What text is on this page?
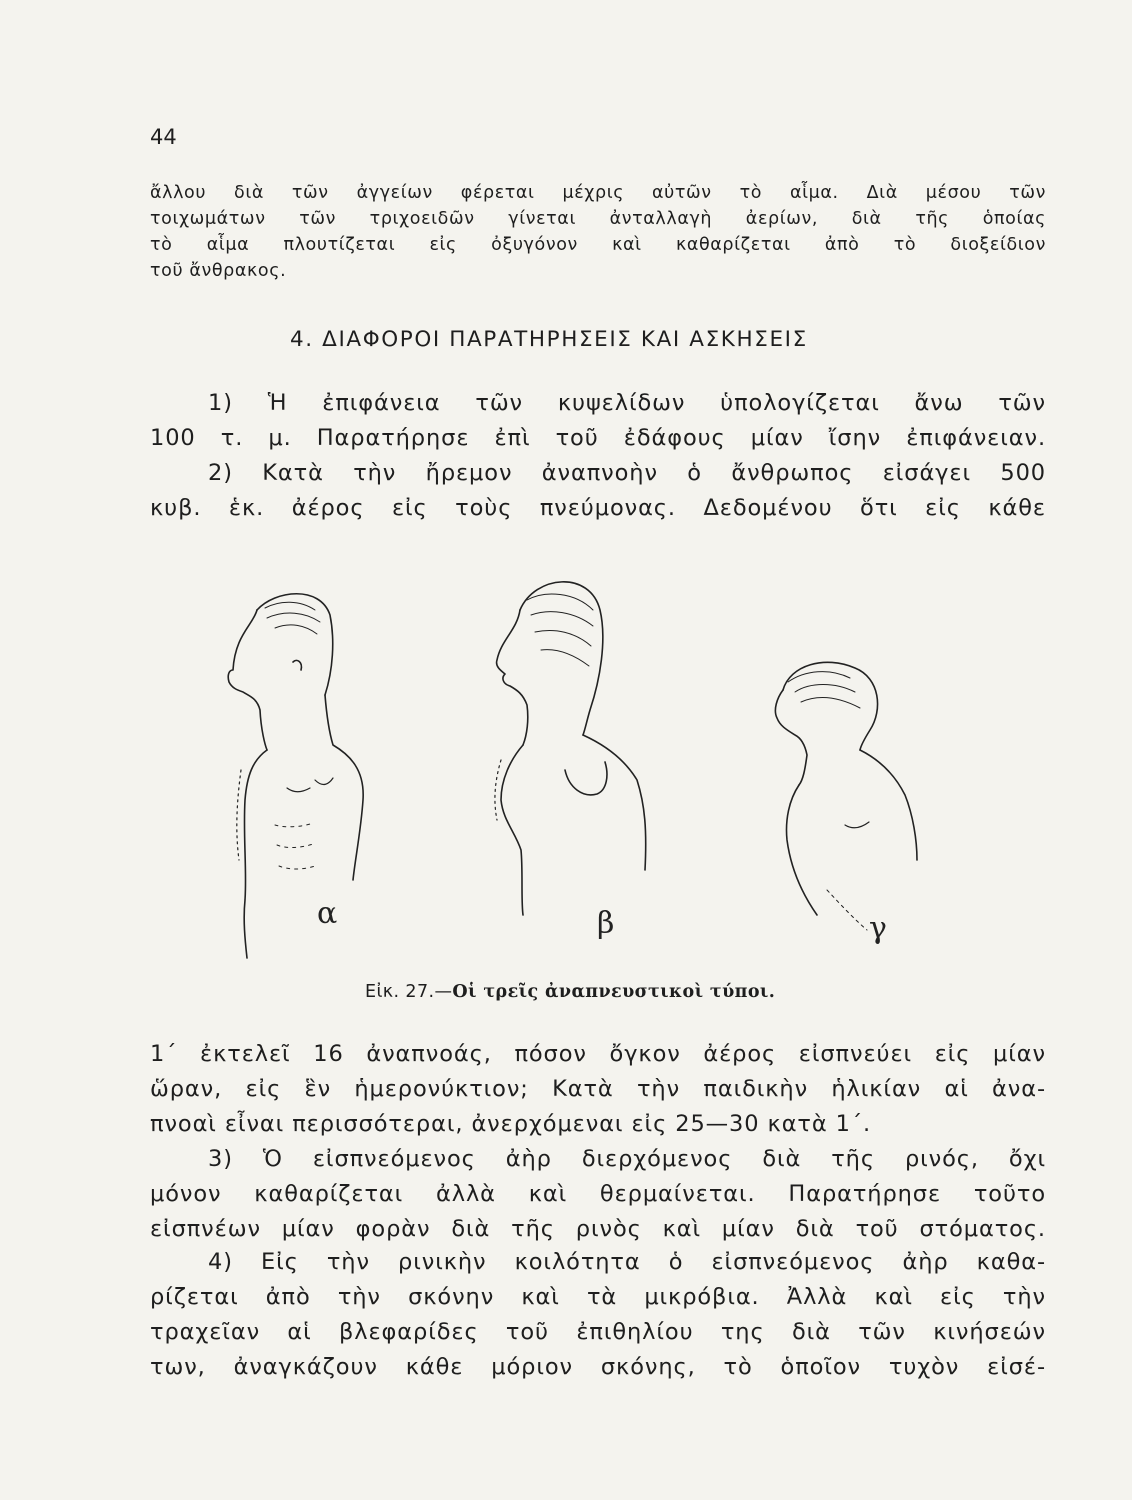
44

ἄλλου διὰ τῶν ἀγγείων φέρεται μέχρις αὐτῶν τὸ αἷμα. Διὰ μέσου τῶν
τοιχωμάτων τῶν τριχοειδῶν γίνεται ἀνταλλαγὴ ἀερίων, διὰ τῆς ὁποίας
τὸ αἷμα πλουτίζεται εἰς ὀξυγόνον καὶ καθαρίζεται ἀπὸ τὸ διοξείδιον
τοῦ ἄνθρακος.

4. ΔΙΑΦΟΡΟΙ ΠΑΡΑΤΗΡΗΣΕΙΣ ΚΑΙ ΑΣΚΗΣΕΙΣ

1) Ἡ ἐπιφάνεια τῶν κυψελίδων ὑπολογίζεται ἄνω τῶν
100 τ. μ. Παρατήρησε ἐπὶ τοῦ ἐδάφους μίαν ἴσην ἐπιφάνειαν.

2) Κατὰ τὴν ἤρεμον ἀναπνοὴν ὁ ἄνθρωπος εἰσάγει 500
κυβ. ἑκ. ἀέρος εἰς τοὺς πνεύμονας. Δεδομένου ὅτι εἰς κάθε

α	β	γ
Εἰκ. 27.—Οἱ τρεῖς ἀναπνευστικοὶ τύποι.

1΄ ἐκτελεῖ 16 ἀναπνοάς, πόσον ὄγκον ἀέρος εἰσπνεύει εἰς μίαν
ὥραν, εἰς ἓν ἡμερονύκτιον; Κατὰ τὴν παιδικὴν ἡλικίαν αἱ ἀνα-
πνοαὶ εἶναι περισσότεραι, ἀνερχόμεναι εἰς 25—30 κατὰ 1΄.

3) Ὁ εἰσπνεόμενος ἀὴρ διερχόμενος διὰ τῆς ρινός, ὄχι
μόνον καθαρίζεται ἀλλὰ καὶ θερμαίνεται. Παρατήρησε τοῦτο
εἰσπνέων μίαν φορὰν διὰ τῆς ρινὸς καὶ μίαν διὰ τοῦ στόματος.

4) Εἰς τὴν ρινικὴν κοιλότητα ὁ εἰσπνεόμενος ἀὴρ καθα-
ρίζεται ἀπὸ τὴν σκόνην καὶ τὰ μικρόβια. Ἀλλὰ καὶ εἰς τὴν
τραχεῖαν αἱ βλεφαρίδες τοῦ ἐπιθηλίου της διὰ τῶν κινήσεών
των, ἀναγκάζουν κάθε μόριον σκόνης, τὸ ὁποῖον τυχὸν εἰσέ-
